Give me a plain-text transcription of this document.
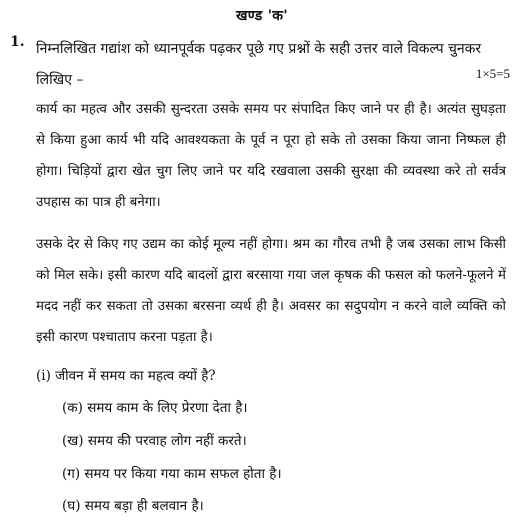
खण्ड 'क'
1. निम्नलिखित गद्यांश को ध्यानपूर्वक पढ़कर पूछे गए प्रश्नों के सही उत्तर वाले विकल्प चुनकर लिखिए –	1×5=5
कार्य का महत्व और उसकी सुन्दरता उसके समय पर संपादित किए जाने पर ही है। अत्यंत सुघड़ता से किया हुआ कार्य भी यदि आवश्यकता के पूर्व न पूरा हो सके तो उसका किया जाना निष्फल ही होगा। चिड़ियों द्वारा खेत चुग लिए जाने पर यदि रखवाला उसकी सुरक्षा की व्यवस्था करे तो सर्वत्र उपहास का पात्र ही बनेगा।
उसके देर से किए गए उद्यम का कोई मूल्य नहीं होगा। श्रम का गौरव तभी है जब उसका लाभ किसी को मिल सके। इसी कारण यदि बादलों द्वारा बरसाया गया जल कृषक की फसल को फलने-फूलने में मदद नहीं कर सकता तो उसका बरसना व्यर्थ ही है। अवसर का सदुपयोग न करने वाले व्यक्ति को इसी कारण पश्चाताप करना पड़ता है।
(i) जीवन में समय का महत्व क्यों है?
(क) समय काम के लिए प्रेरणा देता है।
(ख) समय की परवाह लोग नहीं करते।
(ग) समय पर किया गया काम सफल होता है।
(घ) समय बड़ा ही बलवान है।
